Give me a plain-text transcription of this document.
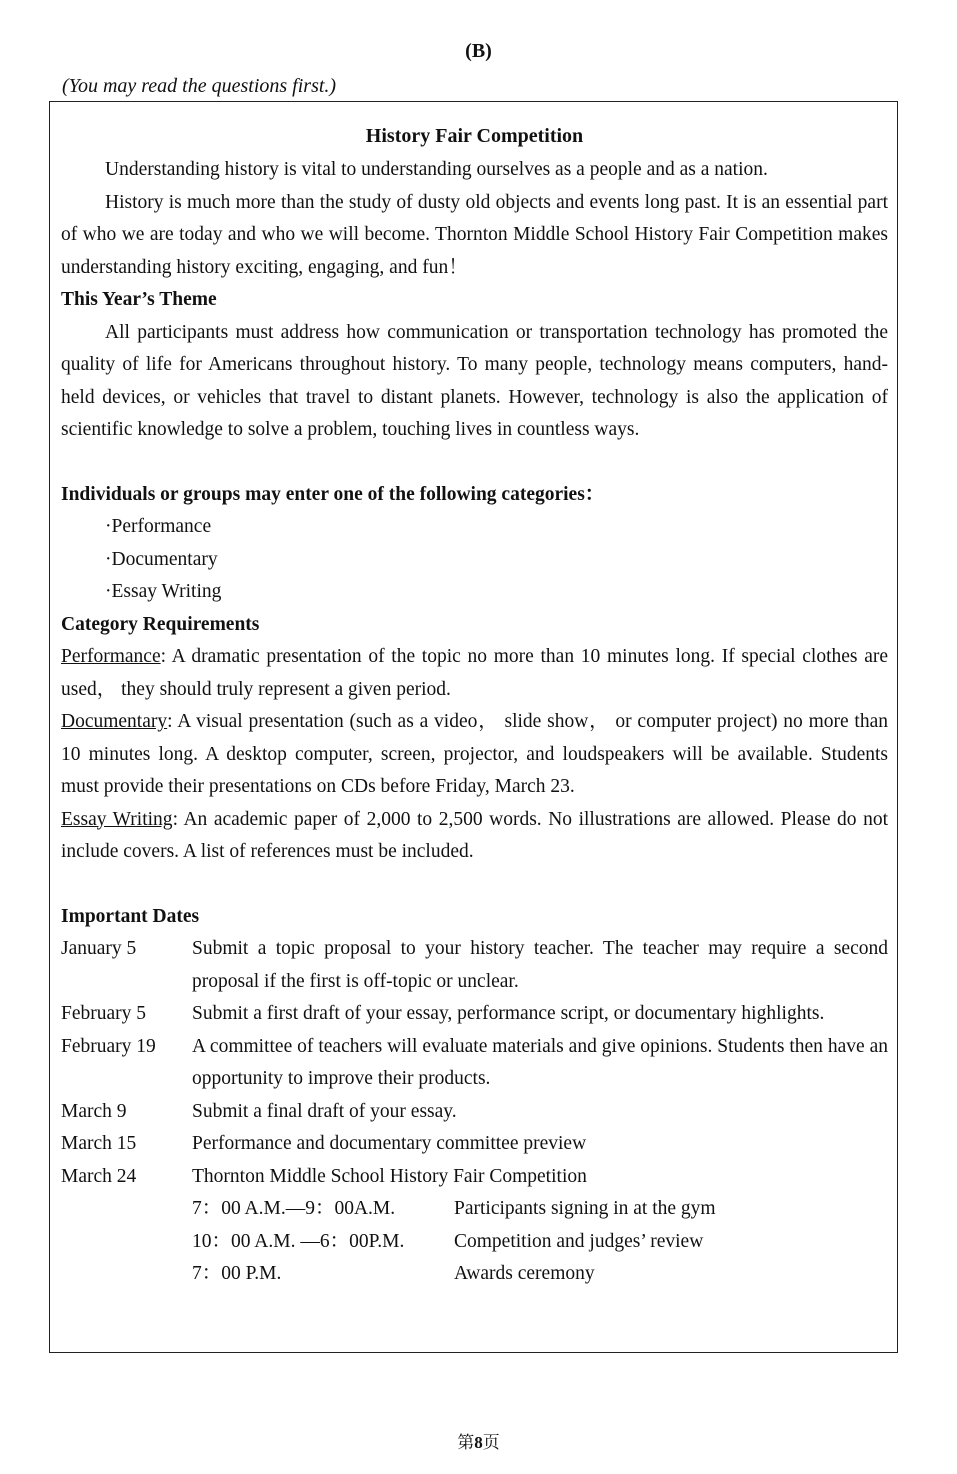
(B)
(You may read the questions first.)
History Fair Competition

Understanding history is vital to understanding ourselves as a people and as a nation.

History is much more than the study of dusty old objects and events long past. It is an essential part of who we are today and who we will become. Thornton Middle School History Fair Competition makes understanding history exciting, engaging, and fun！

This Year’s Theme

All participants must address how communication or transportation technology has promoted the quality of life for Americans throughout history. To many people, technology means computers, hand-held devices, or vehicles that travel to distant planets. However, technology is also the application of scientific knowledge to solve a problem, touching lives in countless ways.

Individuals or groups may enter one of the following categories：

·Performance

·Documentary

·Essay Writing

Category Requirements

Performance: A dramatic presentation of the topic no more than 10 minutes long. If special clothes are used， they should truly represent a given period.

Documentary: A visual presentation (such as a video， slide show， or computer project) no more than 10 minutes long. A desktop computer, screen, projector, and loudspeakers will be available. Students must provide their presentations on CDs before Friday, March 23.

Essay Writing: An academic paper of 2,000 to 2,500 words. No illustrations are allowed. Please do not include covers. A list of references must be included.

Important Dates

January 5	Submit a topic proposal to your history teacher. The teacher may require a second proposal if the first is off-topic or unclear.
February 5	Submit a first draft of your essay, performance script, or documentary highlights.
February 19	A committee of teachers will evaluate materials and give opinions. Students then have an opportunity to improve their products.
March 9	Submit a final draft of your essay.
March 15	Performance and documentary committee preview
March 24	Thornton Middle School History Fair Competition
7：00 A.M.—9：00A.M.	Participants signing in at the gym
10：00 A.M. —6：00P.M.	Competition and judges’ review
7：00 P.M.	Awards ceremony
第8页
